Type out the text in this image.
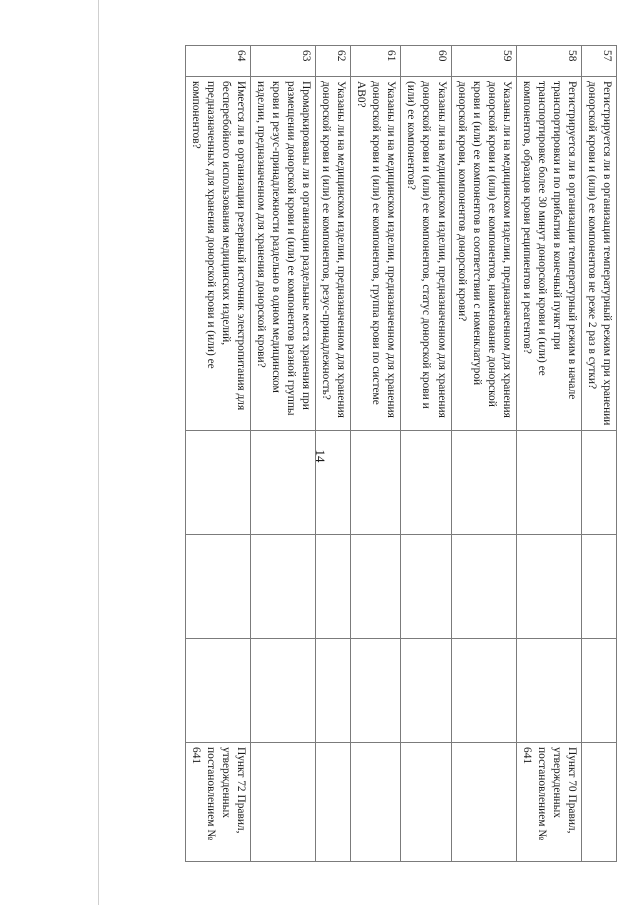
14
57	Регистрируется ли в организации температурный режим при хранении донорской крови и (или) ее компонентов не реже 2 раз в сутки?					
58	Регистрируется ли в организации температурный режим в начале транспортировки и по прибытии в конечный пункт при транспортировке более 30 минут донорской крови и (или) ее компонентов, образцов крови реципиентов и реагентов?				Пункт 70 Правил, утвержденных постановлением № 641	
59	Указаны ли на медицинском изделии, предназначенном для хранения донорской крови и (или) ее компонентов, наименование донорской крови и (или) ее компонентов в соответствии с номенклатурой донорской крови, компонентов донорской крови?					
60	Указаны ли на медицинском изделии, предназначенном для хранения донорской крови и (или) ее компонентов, статус донорской крови и (или) ее компонентов?					
61	Указаны ли на медицинском изделии, предназначенном для хранения донорской крови и (или) ее компонентов, группа крови по системе АВ0?					
62	Указаны ли на медицинском изделии, предназначенном для хранения донорской крови и (или) ее компонентов, резус-принадлежность?					
63	Промаркированы ли в организации раздельные места хранения при размещении донорской крови и (или) ее компонентов разной группы крови и резус-принадлежности раздельно в одном медицинском изделии, предназначенном для хранения донорской крови?					
64	Имеется ли в организации резервный источник электропитания для бесперебойного использования медицинских изделий, предназначенных для хранения донорской крови и (или) ее компонентов?				Пункт 72 Правил, утвержденных постановлением № 641	
